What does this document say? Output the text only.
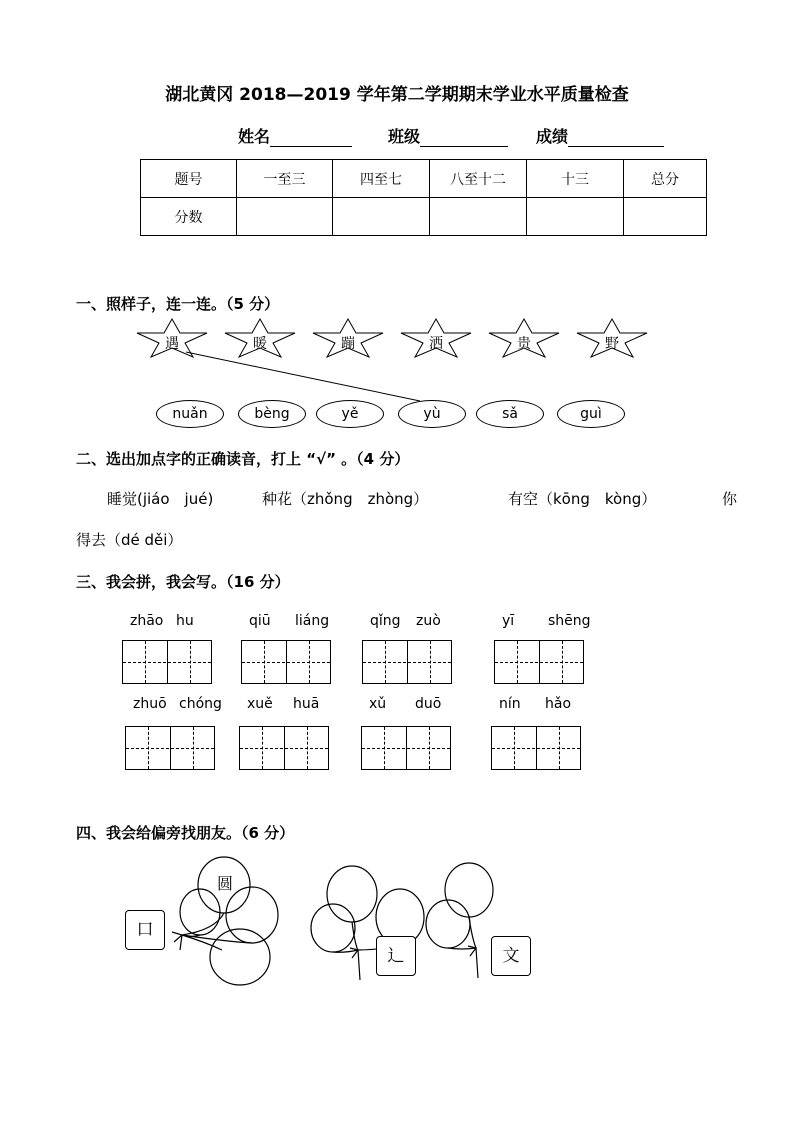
湖北黄冈 2018—2019 学年第二学期期末学业水平质量检查
姓名	班级	成绩
题号	一至三	四至七	八至十二	十三	总分
分数					
一、照样子，连一连。（5 分）
遇	暖	蹦	洒	贵	野
nuǎn	bèng	yě	yù	sǎ	guì
二、选出加点字的正确读音，打上 “√” 。（4 分）
睡觉(jiáo　jué)	种花（zhǒng　zhòng）	有空（kōng　kòng）	你
得去（dé děi）
三、我会拼，我会写。（16 分）
zhāo hu	qiū liáng	qǐng zuò	yī shēng
zhuō chóng xuě huā	xǔ duō	nín hǎo
四、我会给偏旁找朋友。（6 分）
圆
口
辶	文
